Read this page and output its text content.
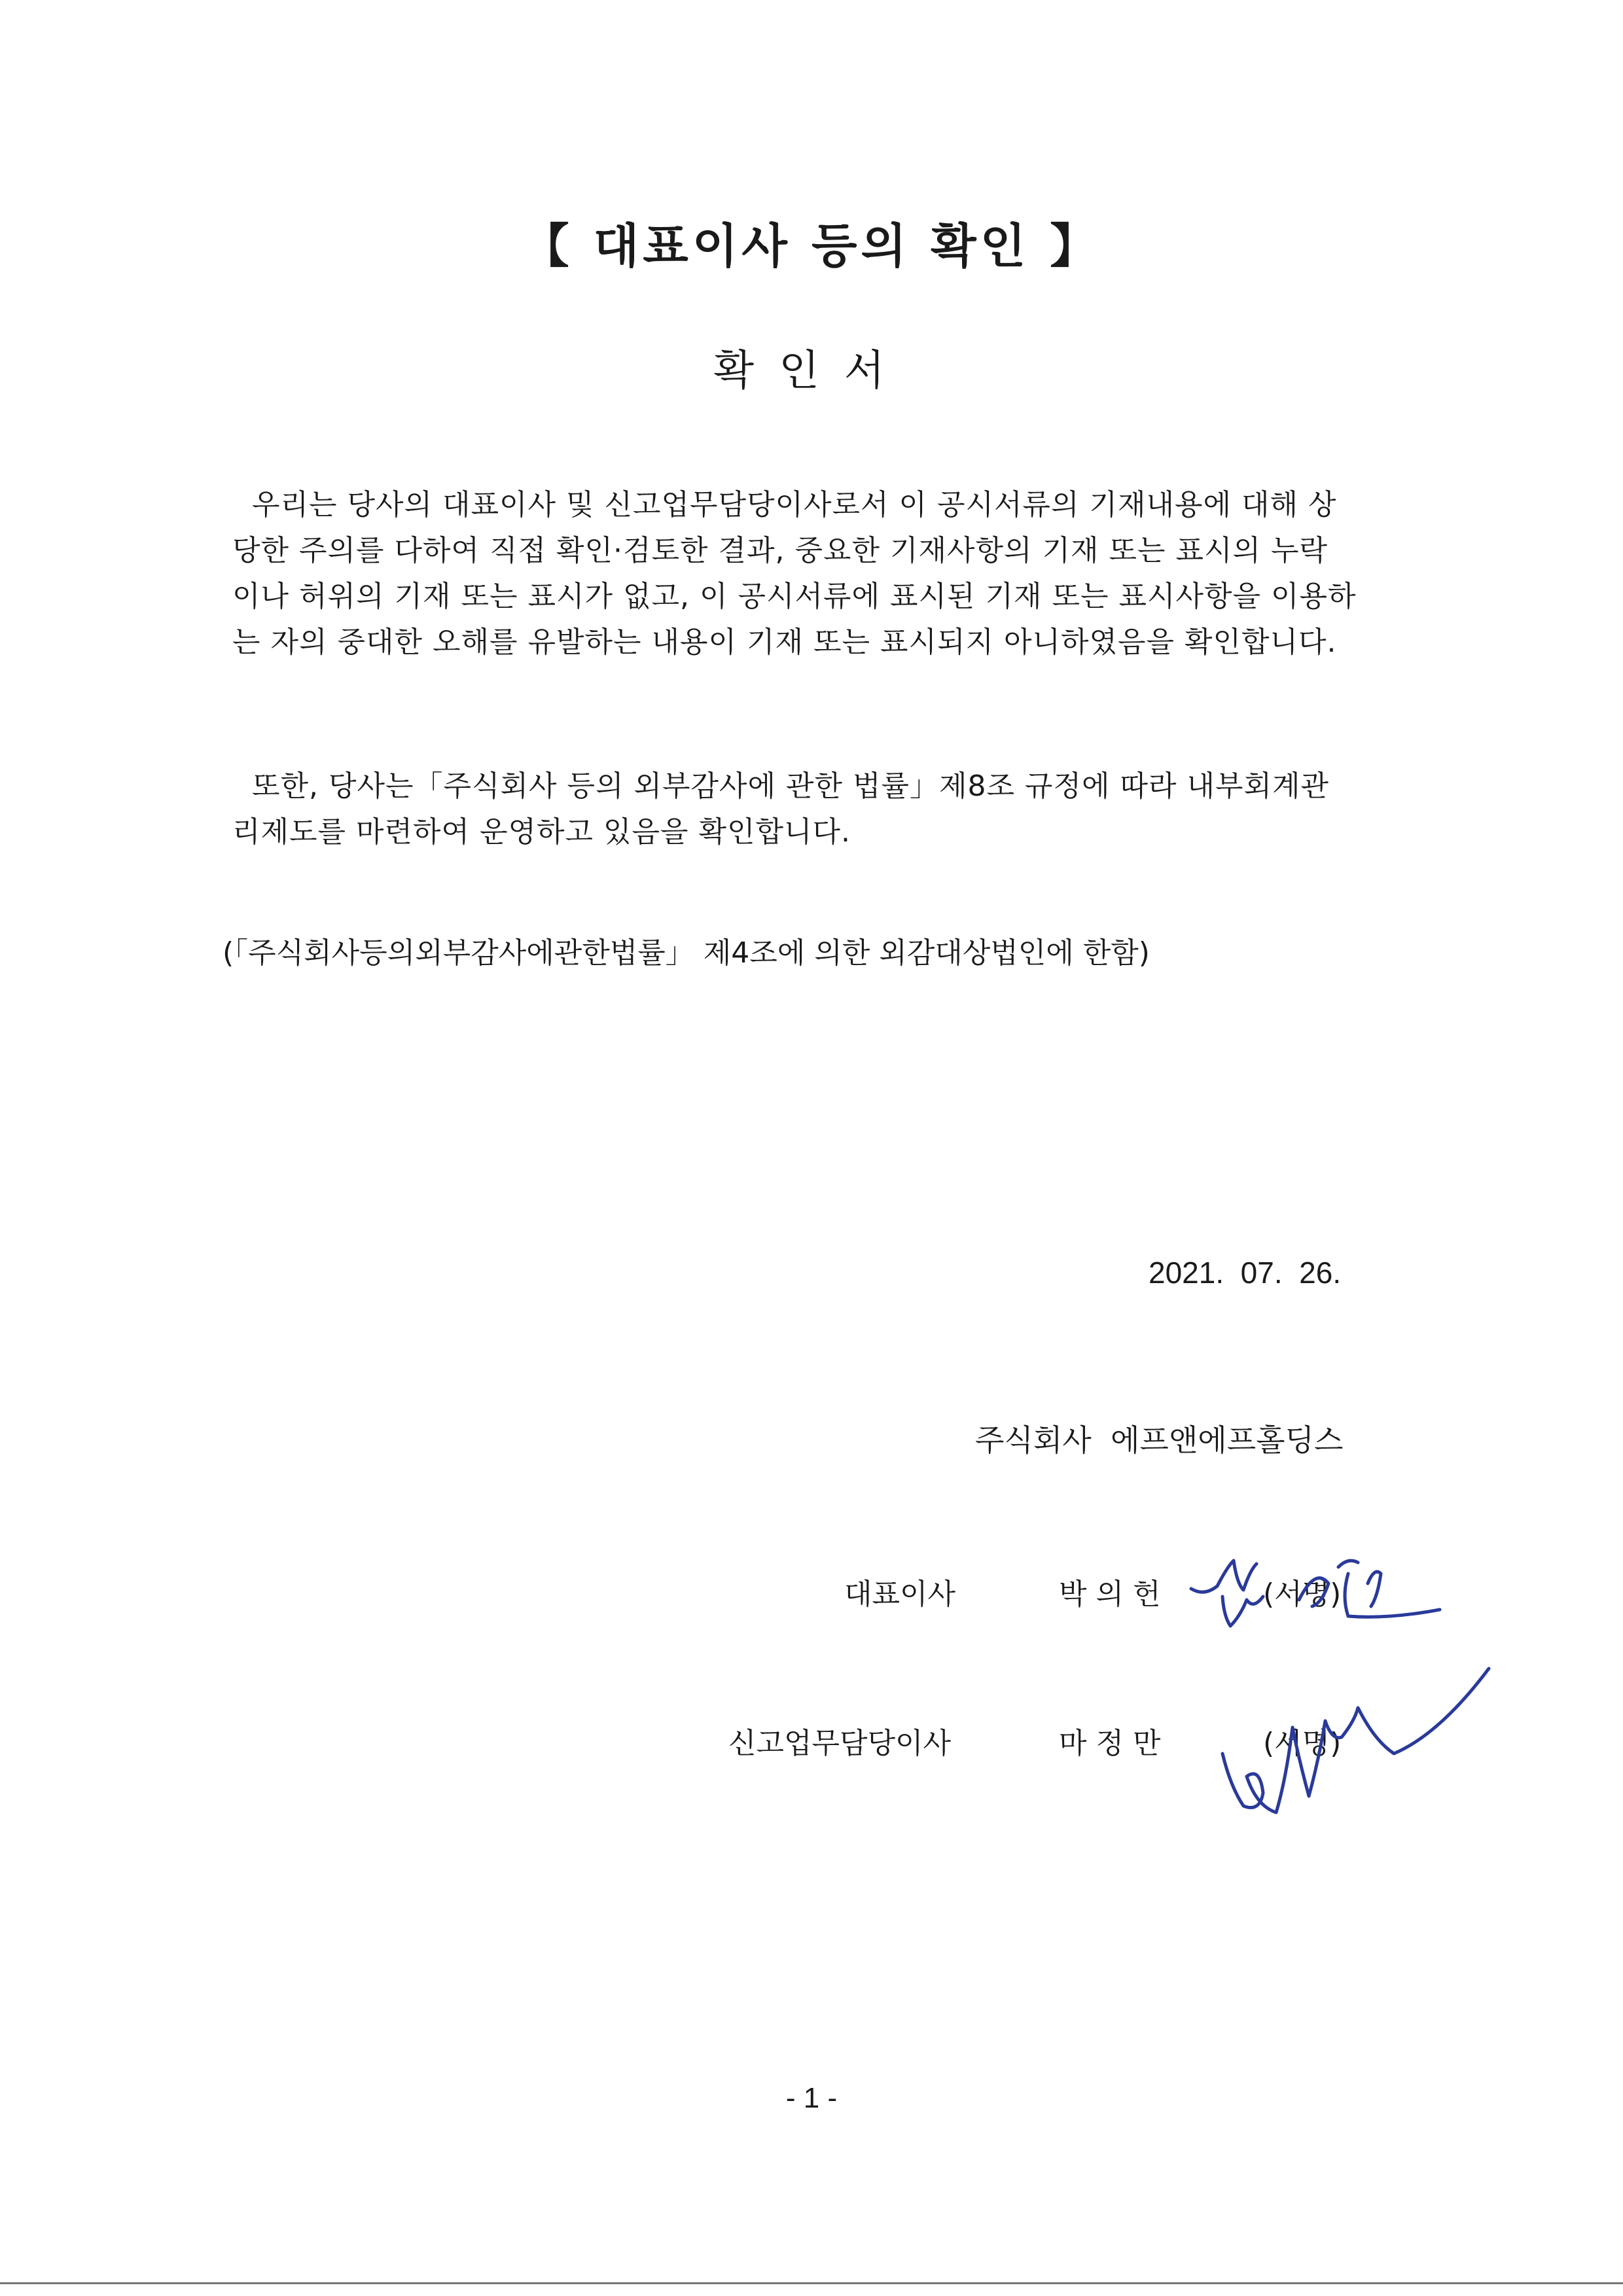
【 대표이사 등의 확인 】
확인서
우리는 당사의 대표이사 및 신고업무담당이사로서 이 공시서류의 기재내용에 대해 상
당한 주의를 다하여 직접 확인·검토한 결과, 중요한 기재사항의 기재 또는 표시의 누락
이나 허위의 기재 또는 표시가 없고, 이 공시서류에 표시된 기재 또는 표시사항을 이용하
는 자의 중대한 오해를 유발하는 내용이 기재 또는 표시되지 아니하였음을 확인합니다.
또한, 당사는「주식회사 등의 외부감사에 관한 법률」제8조 규정에 따라 내부회계관
리제도를 마련하여 운영하고 있음을 확인합니다.
(「주식회사등의외부감사에관한법률」 제4조에 의한 외감대상법인에 한함)
2021.  07.  26.
주식회사  에프앤에프홀딩스
대표이사	박의헌	(서명)
신고업무담당이사	마정만	(서명)
- 1 -
